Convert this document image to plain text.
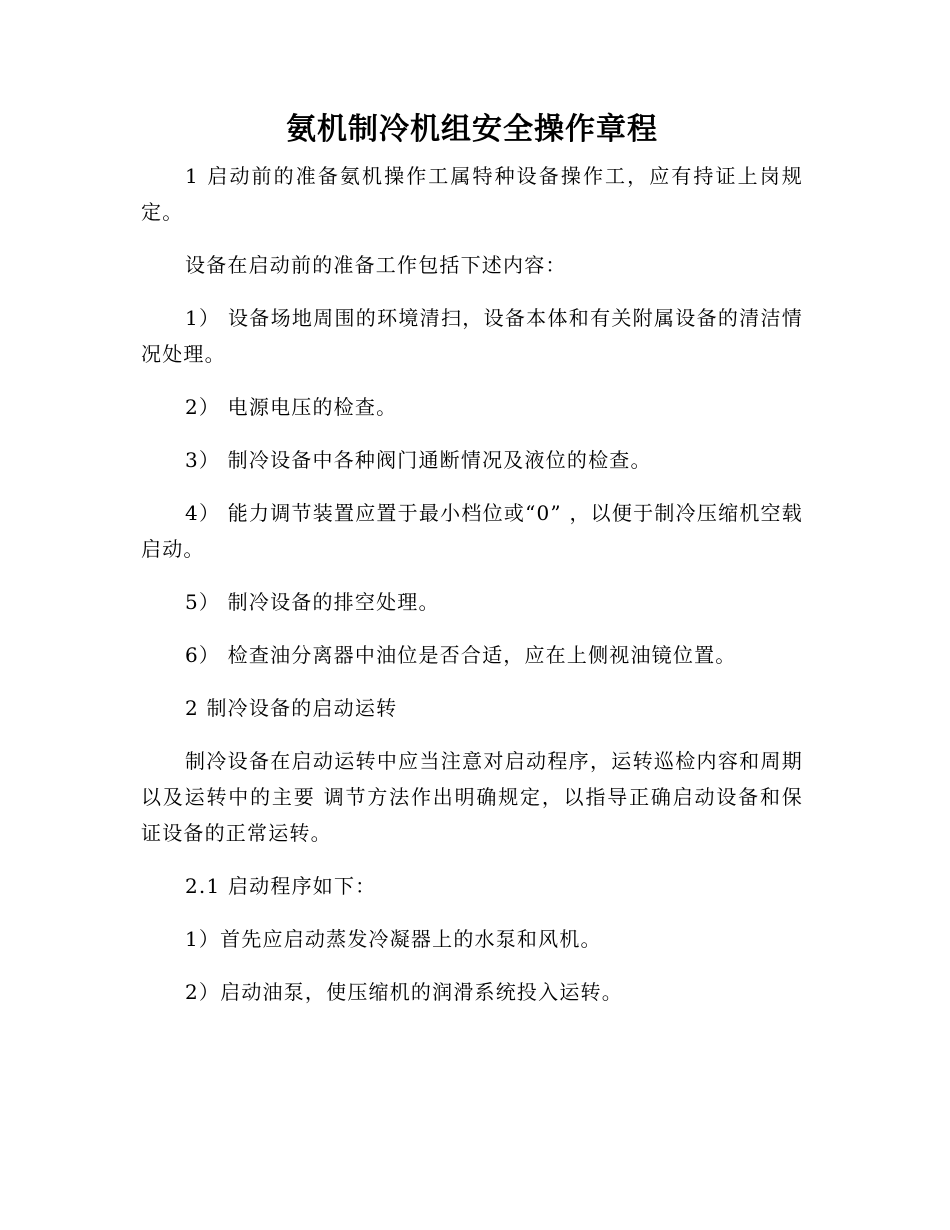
氨机制冷机组安全操作章程

1 启动前的准备氨机操作工属特种设备操作工，应有持证上岗规定。

设备在启动前的准备工作包括下述内容：

1） 设备场地周围的环境清扫，设备本体和有关附属设备的清洁情况处理。

2） 电源电压的检查。

3） 制冷设备中各种阀门通断情况及液位的检查。

4） 能力调节装置应置于最小档位或“0” ，以便于制冷压缩机空载启动。

5） 制冷设备的排空处理。

6） 检查油分离器中油位是否合适，应在上侧视油镜位置。

2 制冷设备的启动运转

制冷设备在启动运转中应当注意对启动程序，运转巡检内容和周期以及运转中的主要 调节方法作出明确规定，以指导正确启动设备和保证设备的正常运转。

2.1 启动程序如下：

1）首先应启动蒸发冷凝器上的水泵和风机。

2）启动油泵，使压缩机的润滑系统投入运转。
